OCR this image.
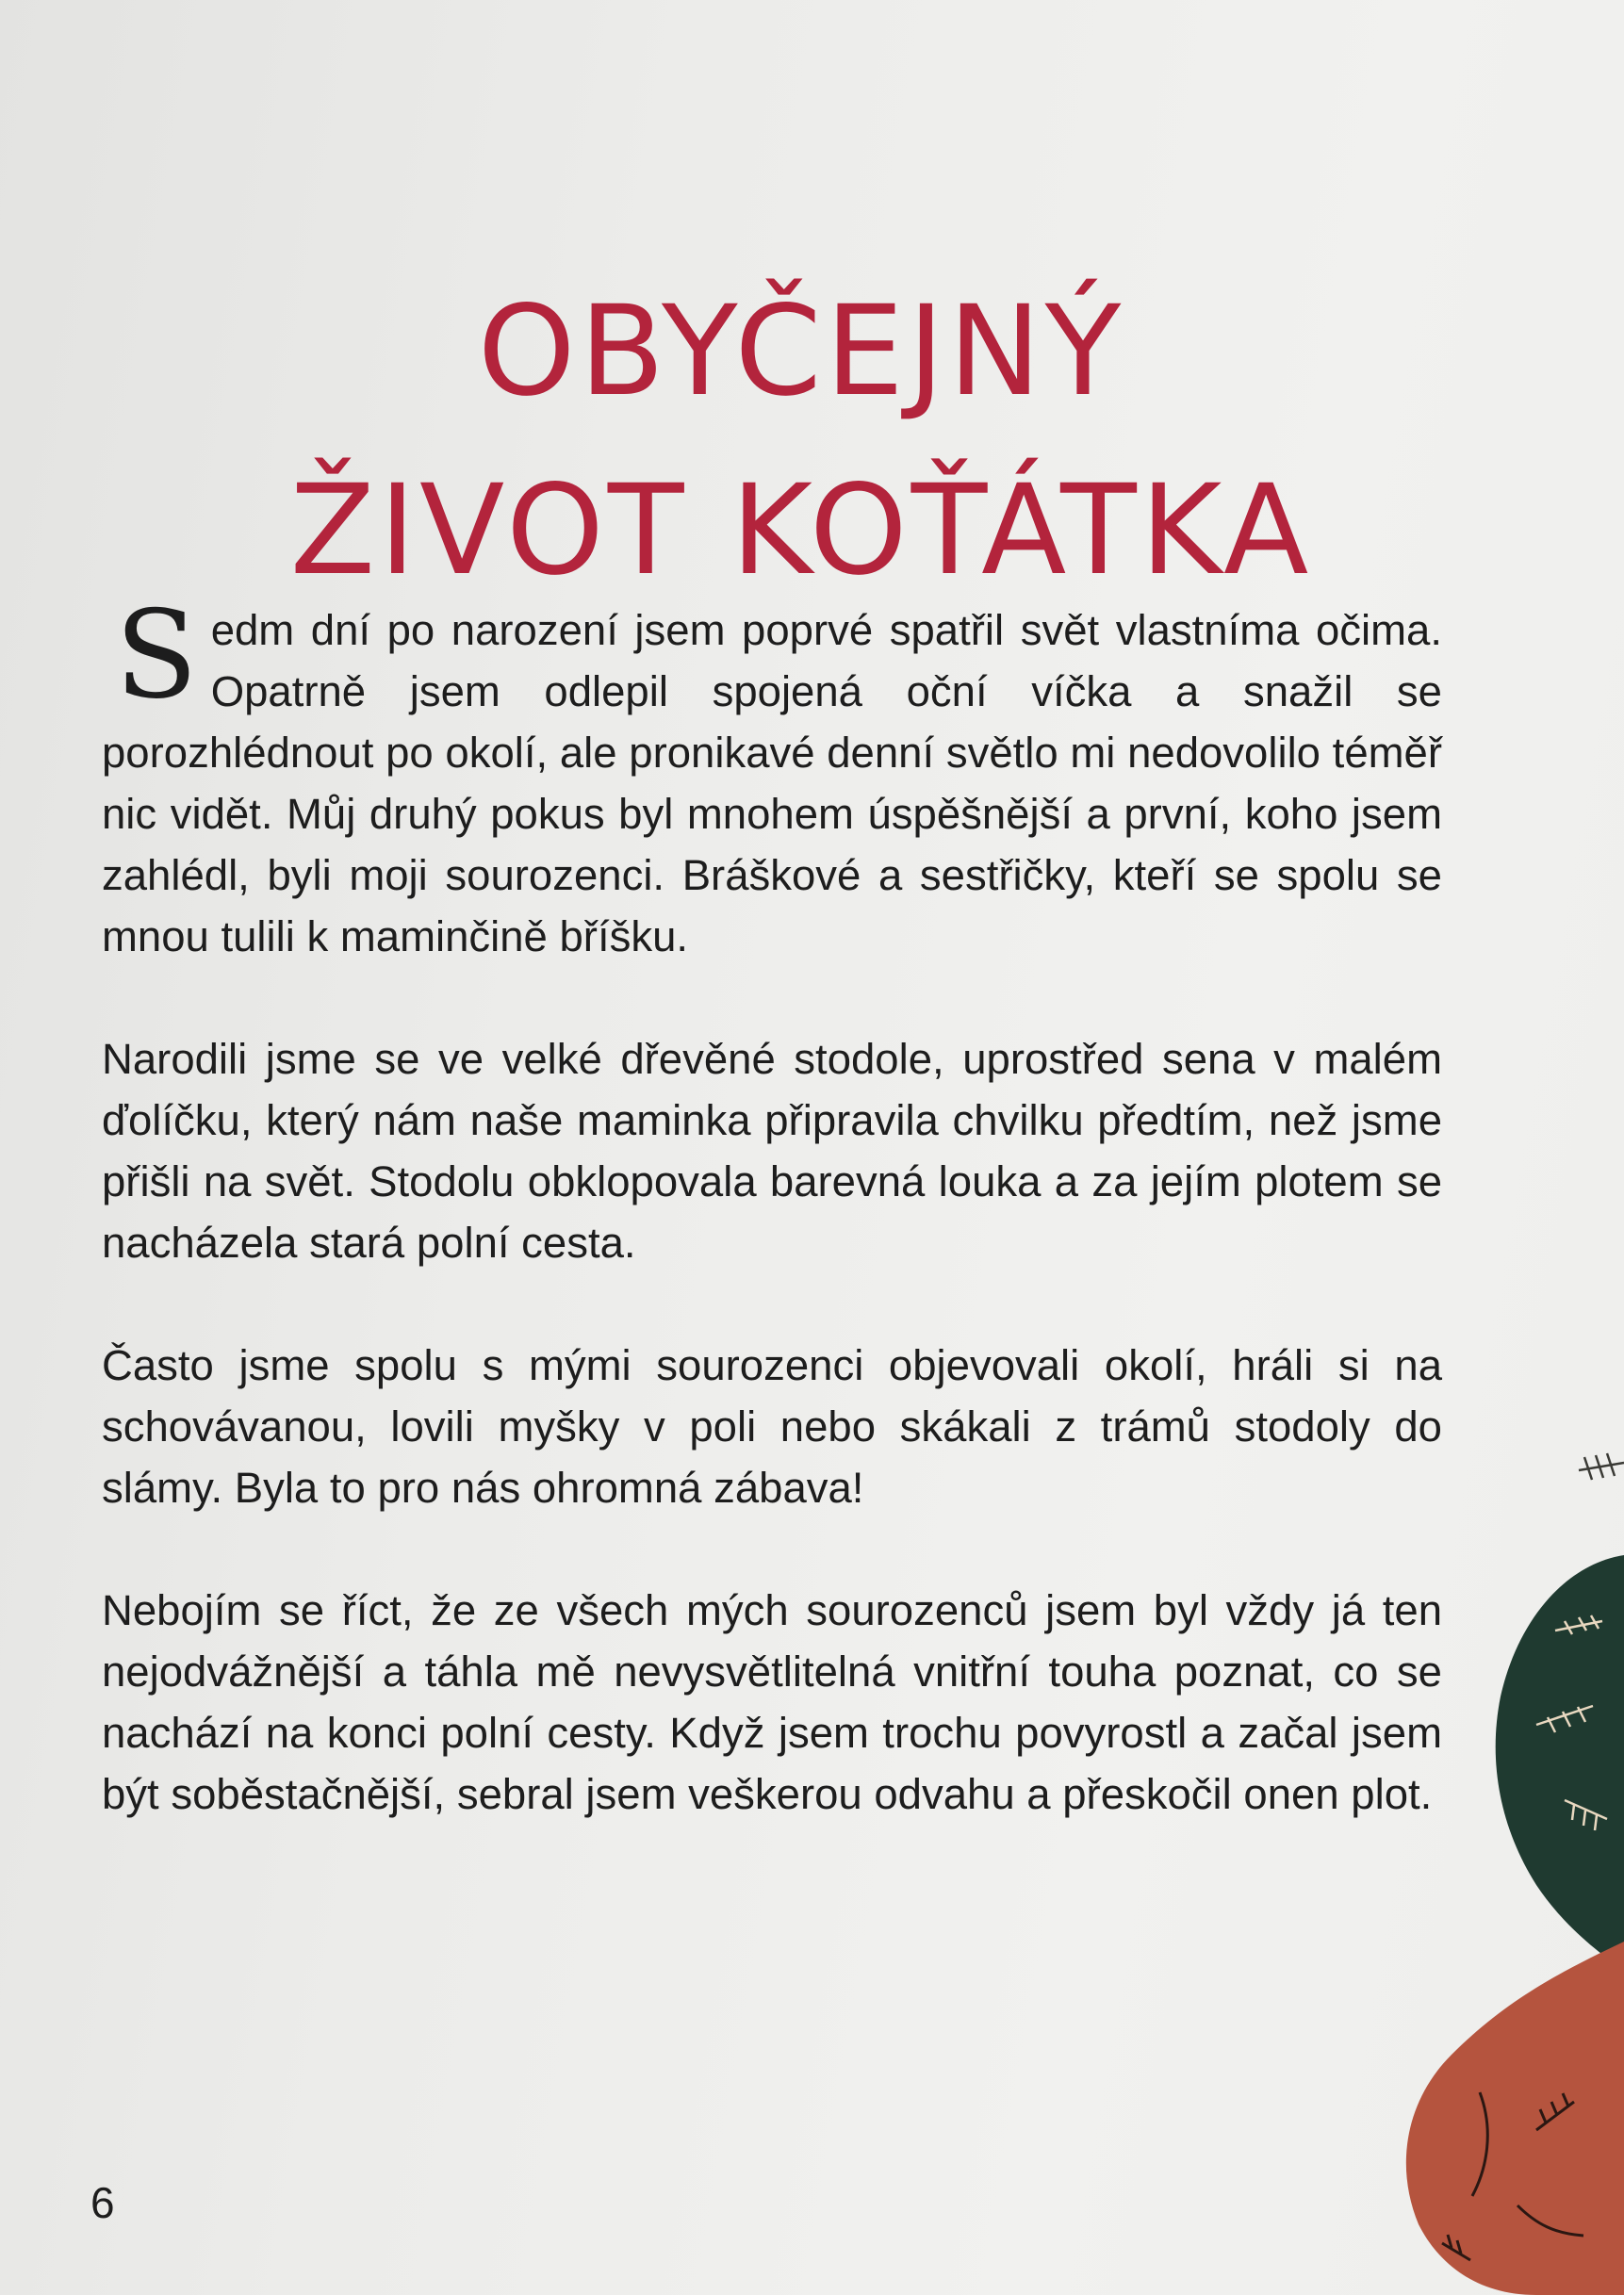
OBYČEJNÝ
ŽIVOT KOŤÁTKA

Sedm dní po narození jsem poprvé spatřil svět vlastníma očima. Opatrně jsem odlepil spojená oční víčka a snažil se porozhlédnout po okolí, ale pronikavé denní světlo mi nedovolilo téměř nic vidět. Můj druhý pokus byl mnohem úspěšnější a první, koho jsem zahlédl, byli moji sourozenci. Bráškové a sestřičky, kteří se spolu se mnou tulili k maminčině bříšku.

Narodili jsme se ve velké dřevěné stodole, uprostřed sena v malém ďolíčku, který nám naše maminka připravila chvilku předtím, než jsme přišli na svět. Stodolu obklopovala barevná louka a za jejím plotem se nacházela stará polní cesta.

Často jsme spolu s mými sourozenci objevovali okolí, hráli si na schovávanou, lovili myšky v poli nebo skákali z trámů stodoly do slámy. Byla to pro nás ohromná zábava!

Nebojím se říct, že ze všech mých sourozenců jsem byl vždy já ten nejodvážnější a táhla mě nevysvětlitelná vnitřní touha poznat, co se nachází na konci polní cesty. Když jsem trochu povyrostl a začal jsem být soběstačnější, sebral jsem veškerou odvahu a přeskočil onen plot.

6
